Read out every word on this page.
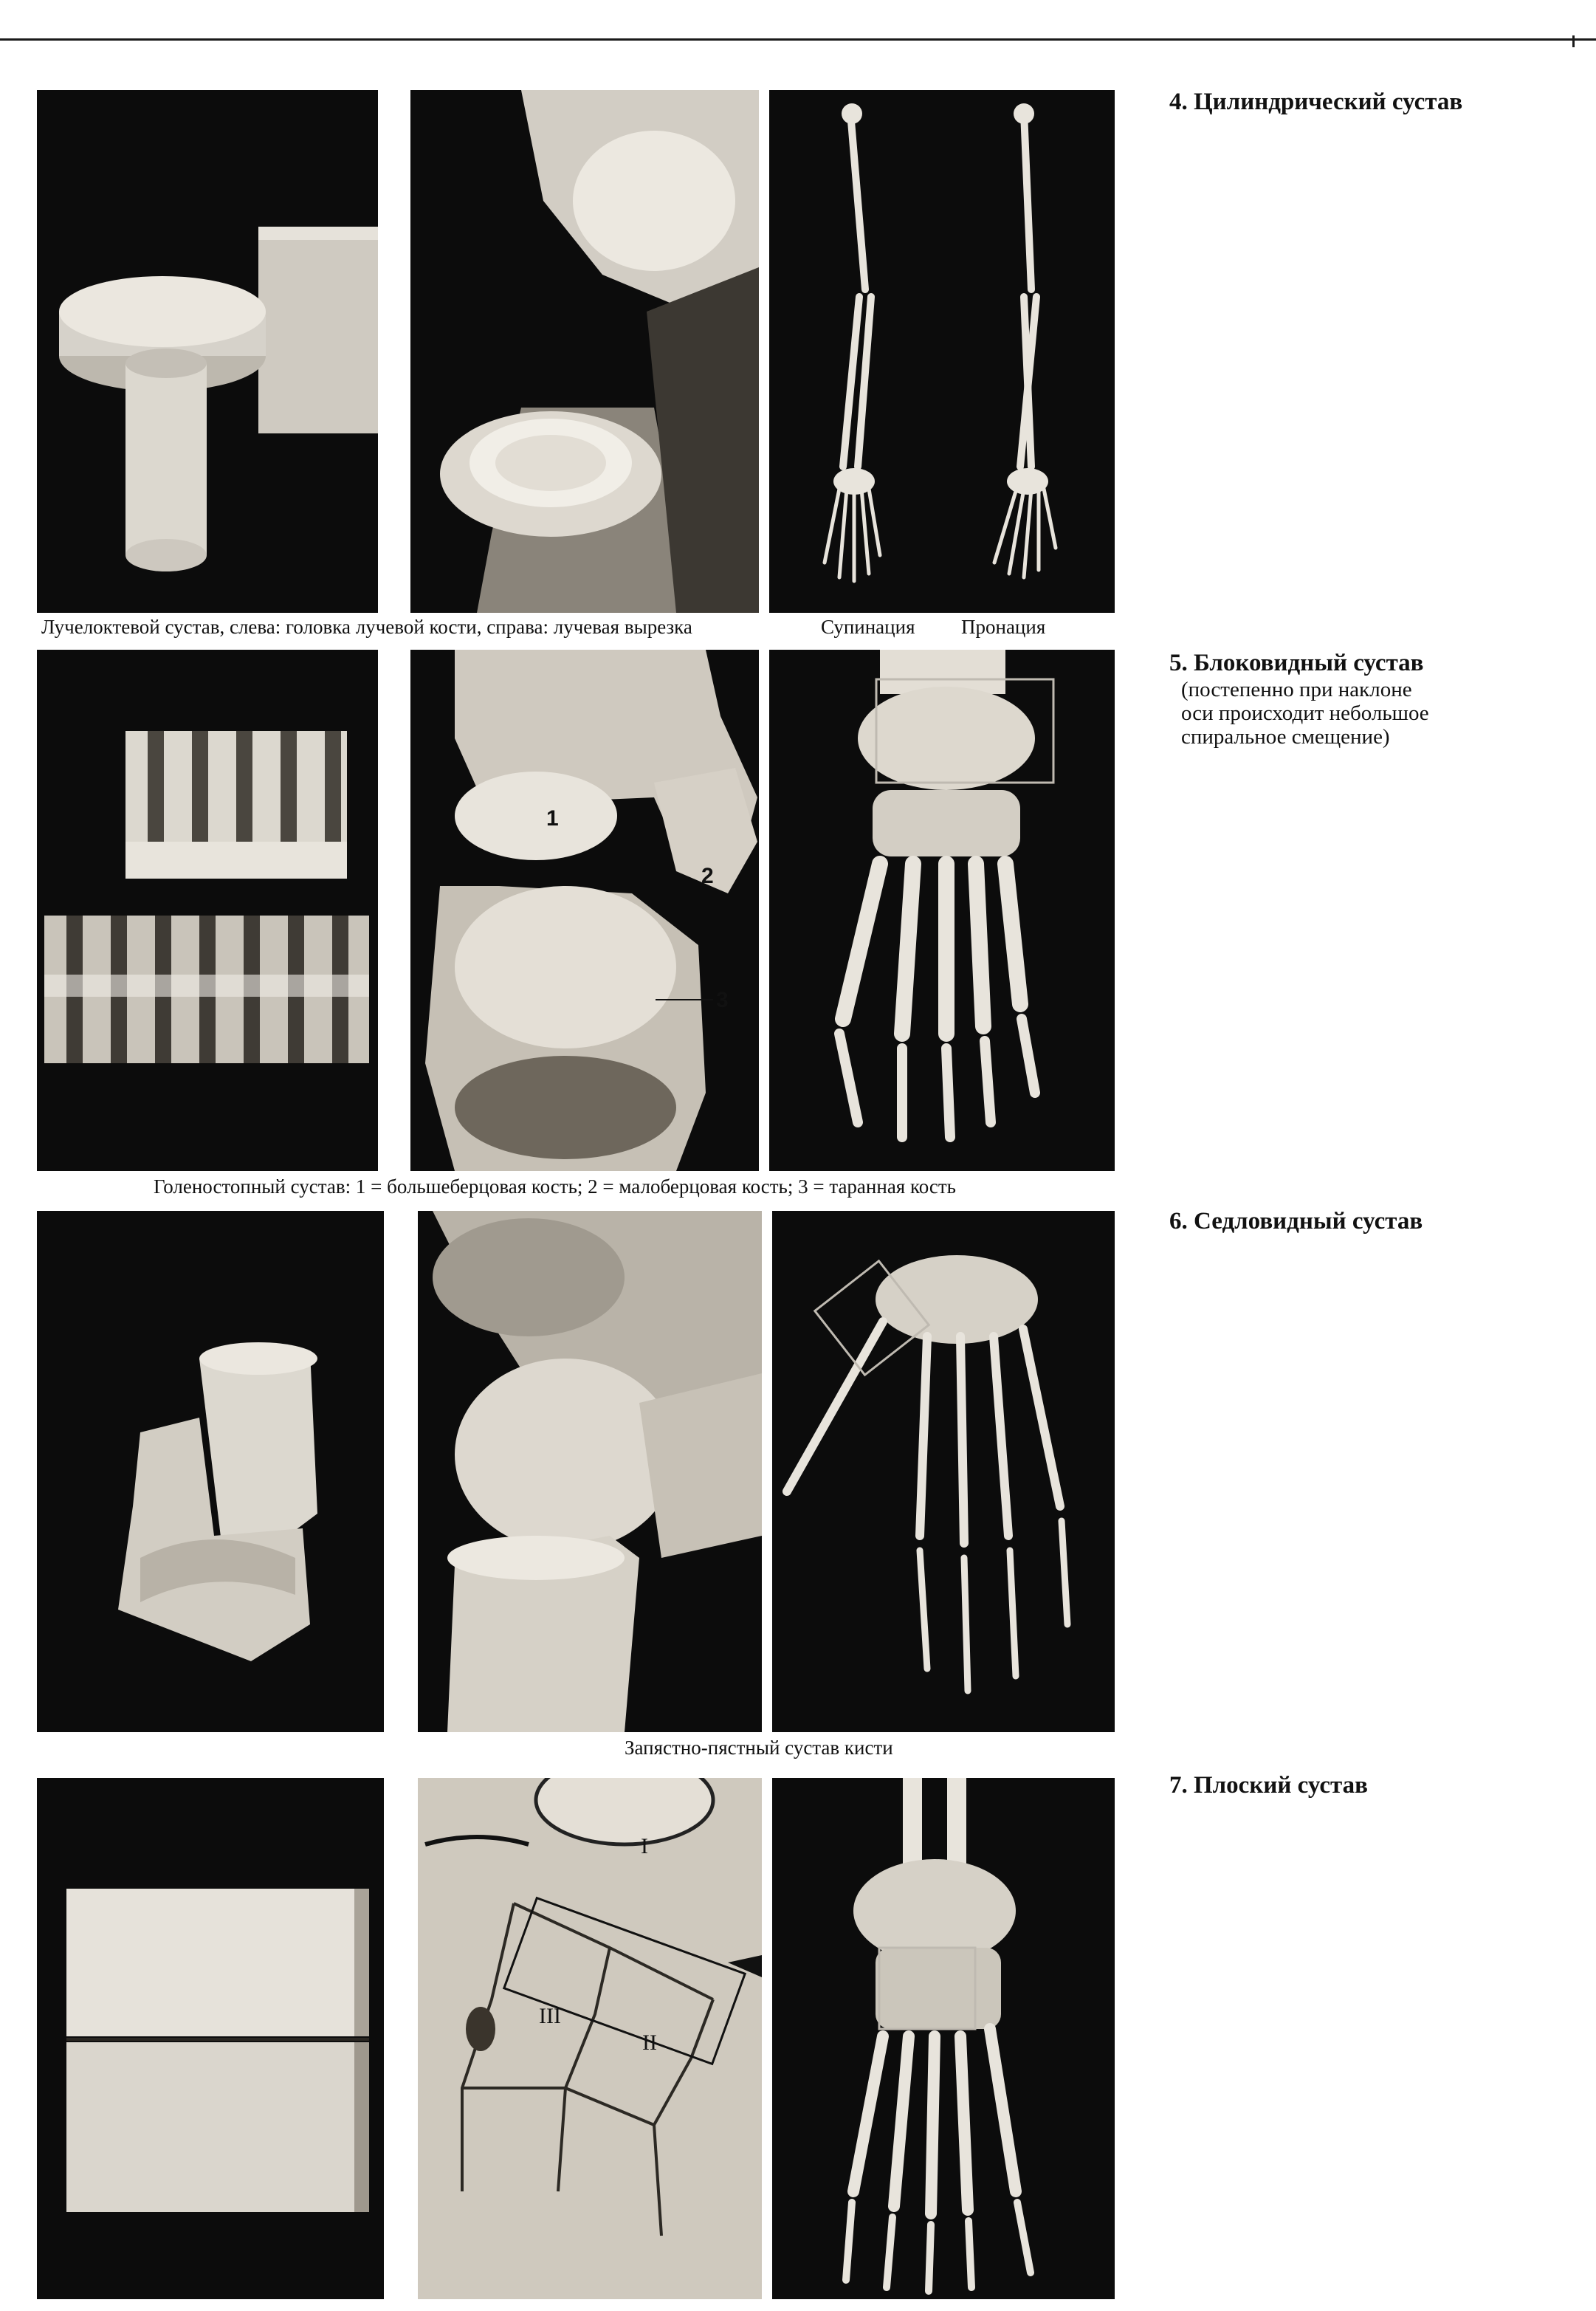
Лучелоктевой сустав, слева: головка лучевой кости, справа: лучевая вырезка	Супинация Пронация
4. Цилиндрический сустав
1
2
3
Голеностопный сустав: 1 = большеберцовая кость; 2 = малоберцовая кость; 3 = таранная кость
5. Блоковидный сустав
(постепенно при наклоне
оси происходит небольшое
спиральное смещение)
Запястно-пястный сустав кисти
6. Седловидный сустав
I
II
III
7. Плоский сустав
